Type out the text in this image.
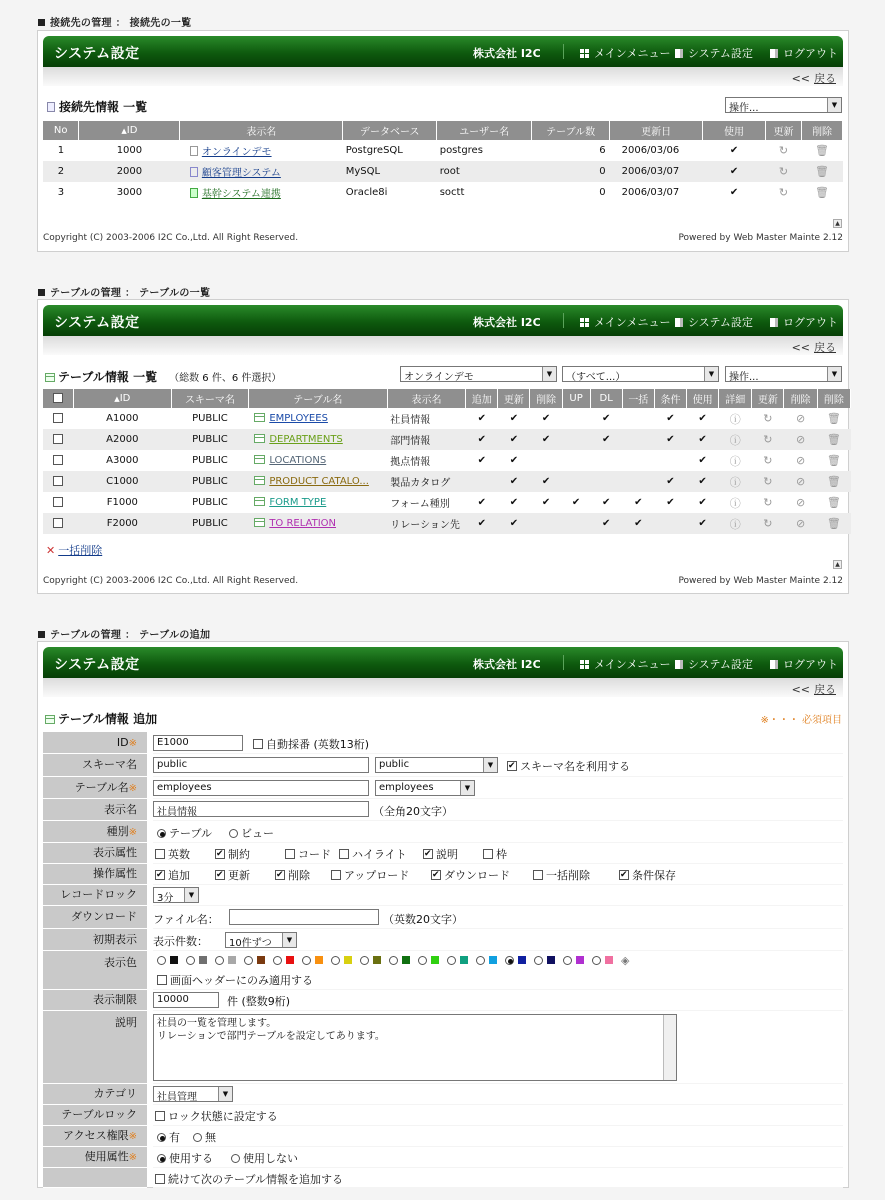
接続先の管理 ： 接続先の一覧
システム設定	株式会社 I2C	メインメニュー	システム設定	ログアウト
<< 戻る
接続先情報 一覧	操作...	▼
No	▲ID	表示名	データベース	ユーザー名	テーブル数	更新日	使用	更新	削除
1	1000	オンラインデモ	PostgreSQL	postgres	6	2006/03/06	✔	↻	🗑
2	2000	顧客管理システム	MySQL	root	0	2006/03/07	✔	↻	🗑
3	3000	基幹システム連携	Oracle8i	soctt	0	2006/03/07	✔	↻	🗑
▲
Copyright (C) 2003-2006 I2C Co.,Ltd. All Right Reserved.	Powered by Web Master Mainte 2.12
テーブルの管理 ： テーブルの一覧
システム設定	株式会社 I2C	メインメニュー	システム設定	ログアウト
<< 戻る
テーブル情報 一覧 （総数 6 件、6 件選択）	オンラインデモ	▼	（すべて...）	▼	操作...	▼
	▲ID	スキーマ名	テーブル名	表示名	追加	更新	削除	UP	DL	一括	条件	使用	詳細	更新	削除	削除
	A1000	PUBLIC	EMPLOYEES	社員情報	✔	✔	✔		✔		✔	✔	ⓘ	↻	⊘	🗑
	A2000	PUBLIC	DEPARTMENTS	部門情報	✔	✔	✔		✔		✔	✔	ⓘ	↻	⊘	🗑
	A3000	PUBLIC	LOCATIONS	拠点情報	✔	✔						✔	ⓘ	↻	⊘	🗑
	C1000	PUBLIC	PRODUCT CATALO...	製品カタログ		✔	✔				✔	✔	ⓘ	↻	⊘	🗑
	F1000	PUBLIC	FORM TYPE	フォーム種別	✔	✔	✔	✔	✔	✔	✔	✔	ⓘ	↻	⊘	🗑
	F2000	PUBLIC	TO RELATION	リレーション先	✔	✔			✔	✔		✔	ⓘ	↻	⊘	🗑
✕ 一括削除
▲
Copyright (C) 2003-2006 I2C Co.,Ltd. All Right Reserved.	Powered by Web Master Mainte 2.12
テーブルの管理 ： テーブルの追加
システム設定	株式会社 I2C	メインメニュー	システム設定	ログアウト
<< 戻る
テーブル情報 追加	※・・・ 必須項目
ID※	E1000	自動採番 (英数13桁)
スキーマ名	public	public	▼ ✔	スキーマ名を利用する
テーブル名※	employees	employees	▼
表示名	社員情報	（全角20文字）
種別※	テーブル	ビュー
表示属性	英数 ✔	制約	コード	ハイライト ✔	説明	枠
操作属性 ✔	追加 ✔	更新 ✔	削除	アップロード ✔	ダウンロード	一括削除 ✔	条件保存
レコードロック	3分	▼
ダウンロード	ファイル名：	（英数20文字）
初期表示	表示件数：	10件ずつ	▼
表示色	◈
画面ヘッダーにのみ適用する
表示制限	10000	件 (整数9桁)
説明	社員の一覧を管理します。
リレーションで部門テーブルを設定してあります。
カテゴリ	社員管理	▼
テーブルロック	ロック状態に設定する
アクセス権限※	有	無
使用属性※	使用する	使用しない
続けて次のテーブル情報を追加する
